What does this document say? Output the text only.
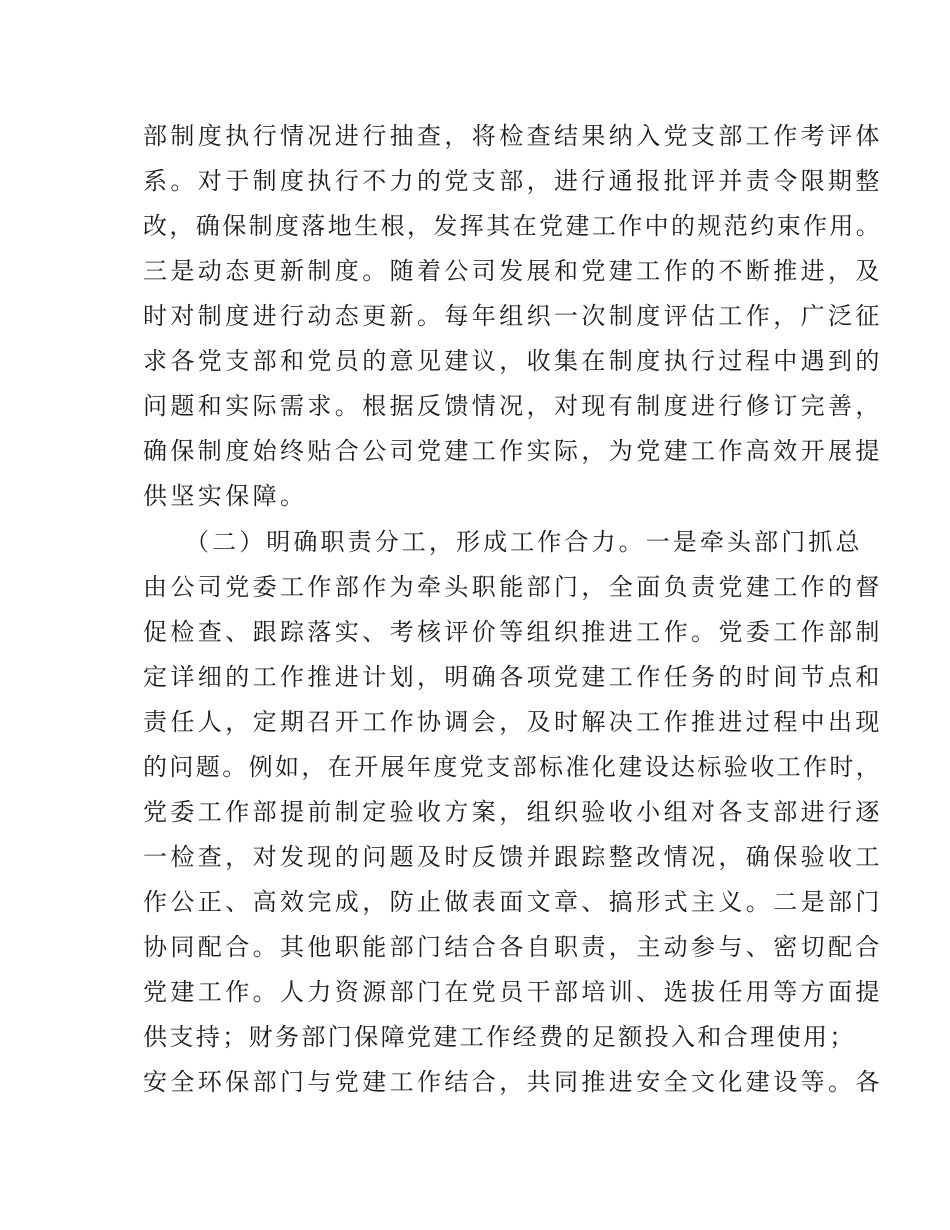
部制度执行情况进行抽查，将检查结果纳入党支部工作考评体
系。对于制度执行不力的党支部，进行通报批评并责令限期整
改，确保制度落地生根，发挥其在党建工作中的规范约束作用。
三是动态更新制度。随着公司发展和党建工作的不断推进，及
时对制度进行动态更新。每年组织一次制度评估工作，广泛征
求各党支部和党员的意见建议，收集在制度执行过程中遇到的
问题和实际需求。根据反馈情况，对现有制度进行修订完善，
确保制度始终贴合公司党建工作实际，为党建工作高效开展提
供坚实保障。
（二）明确职责分工，形成工作合力。一是牵头部门抓总
由公司党委工作部作为牵头职能部门，全面负责党建工作的督
促检查、跟踪落实、考核评价等组织推进工作。党委工作部制
定详细的工作推进计划，明确各项党建工作任务的时间节点和
责任人，定期召开工作协调会，及时解决工作推进过程中出现
的问题。例如，在开展年度党支部标准化建设达标验收工作时，
党委工作部提前制定验收方案，组织验收小组对各支部进行逐
一检查，对发现的问题及时反馈并跟踪整改情况，确保验收工
作公正、高效完成，防止做表面文章、搞形式主义。二是部门
协同配合。其他职能部门结合各自职责，主动参与、密切配合
党建工作。人力资源部门在党员干部培训、选拔任用等方面提
供支持；财务部门保障党建工作经费的足额投入和合理使用；
安全环保部门与党建工作结合，共同推进安全文化建设等。各
